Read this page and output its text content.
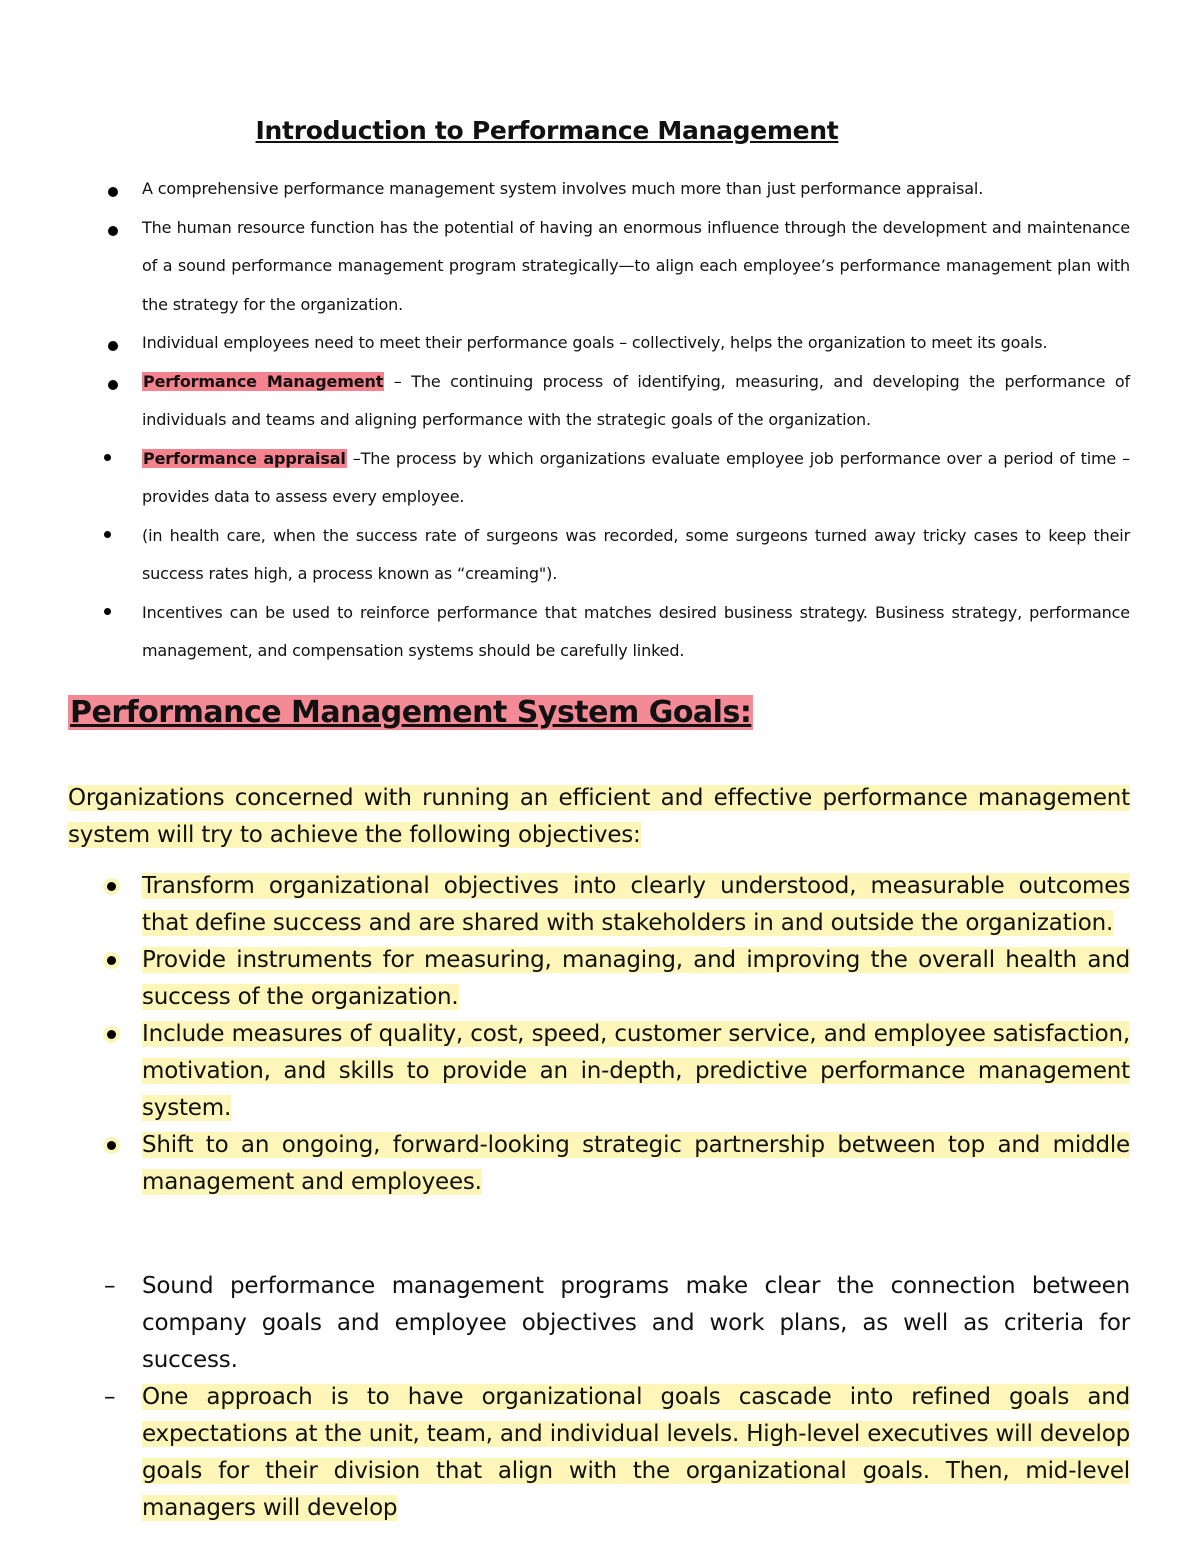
Introduction to Performance Management
A comprehensive performance management system involves much more than just performance appraisal.
The human resource function has the potential of having an enormous influence through the development and maintenance of a sound performance management program strategically—to align each employee’s performance management plan with the strategy for the organization.
Individual employees need to meet their performance goals – collectively, helps the organization to meet its goals.
Performance Management – The continuing process of identifying, measuring, and developing the performance of individuals and teams and aligning performance with the strategic goals of the organization.
Performance appraisal –The process by which organizations evaluate employee job performance over a period of time – provides data to assess every employee.
(in health care, when the success rate of surgeons was recorded, some surgeons turned away tricky cases to keep their success rates high, a process known as “creaming").
Incentives can be used to reinforce performance that matches desired business strategy. Business strategy, performance management, and compensation systems should be carefully linked.
Performance Management System Goals:
Organizations concerned with running an efficient and effective performance management system will try to achieve the following objectives:
Transform organizational objectives into clearly understood, measurable outcomes that define success and are shared with stakeholders in and outside the organization.
Provide instruments for measuring, managing, and improving the overall health and success of the organization.
Include measures of quality, cost, speed, customer service, and employee satisfaction, motivation, and skills to provide an in-depth, predictive performance management system.
Shift to an ongoing, forward-looking strategic partnership between top and middle management and employees.
– Sound performance management programs make clear the connection between company goals and employee objectives and work plans, as well as criteria for success.
– One approach is to have organizational goals cascade into refined goals and expectations at the unit, team, and individual levels. High-level executives will develop goals for their division that align with the organizational goals. Then, mid-level managers will develop
